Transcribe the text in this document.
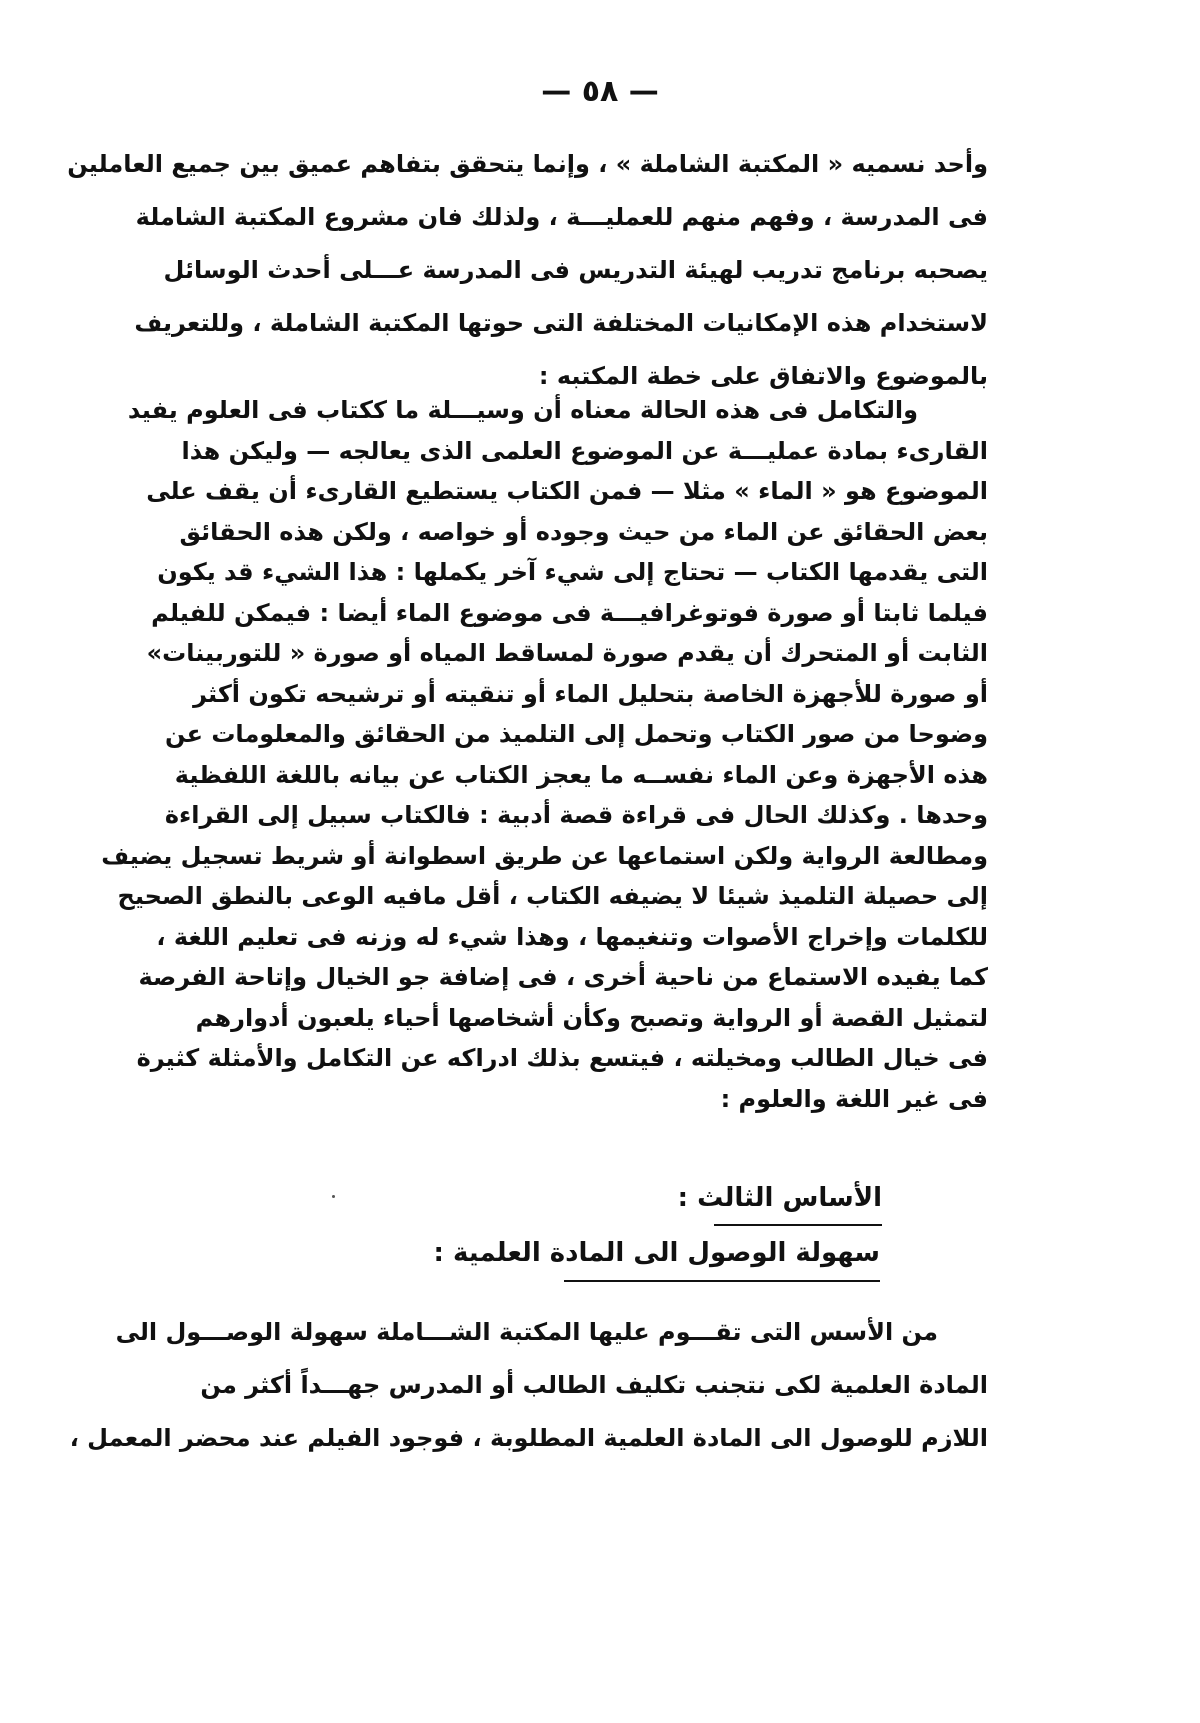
— ٥٨ —
وأحد نسميه « المكتبة الشاملة » ، وإنما يتحقق بتفاهم عميق بين جميع العاملين
فى المدرسة ، وفهم منهم للعمليـــة ، ولذلك فان مشروع المكتبة الشاملة
يصحبه برنامج تدريب لهيئة التدريس فى المدرسة عـــلى أحدث الوسائل
لاستخدام هذه الإمكانيات المختلفة التى حوتها المكتبة الشاملة ، وللتعريف
بالموضوع والاتفاق على خطة المكتبه :
والتكامل فى هذه الحالة معناه أن وسيـــلة ما ككتاب فى العلوم يفيد
القارىء بمادة عمليـــة عن الموضوع العلمى الذى يعالجه — وليكن هذا
الموضوع هو « الماء » مثلا — فمن الكتاب يستطيع القارىء أن يقف على
بعض الحقائق عن الماء من حيث وجوده أو خواصه ، ولكن هذه الحقائق
التى يقدمها الكتاب — تحتاج إلى شيء آخر يكملها : هذا الشيء قد يكون
فيلما ثابتا أو صورة فوتوغرافيـــة فى موضوع الماء أيضا : فيمكن للفيلم
الثابت أو المتحرك أن يقدم صورة لمساقط المياه أو صورة « للتوربينات»
أو صورة للأجهزة الخاصة بتحليل الماء أو تنقيته أو ترشيحه تكون أكثر
وضوحا من صور الكتاب وتحمل إلى التلميذ من الحقائق والمعلومات عن
هذه الأجهزة وعن الماء نفســه ما يعجز الكتاب عن بيانه باللغة اللفظية
وحدها . وكذلك الحال فى قراءة قصة أدبية : فالكتاب سبيل إلى القراءة
ومطالعة الرواية ولكن استماعها عن طريق اسطوانة أو شريط تسجيل يضيف
إلى حصيلة التلميذ شيئا لا يضيفه الكتاب ، أقل مافيه الوعى بالنطق الصحيح
للكلمات وإخراج الأصوات وتنغيمها ، وهذا شيء له وزنه فى تعليم اللغة ،
كما يفيده الاستماع من ناحية أخرى ، فى إضافة جو الخيال وإتاحة الفرصة
لتمثيل القصة أو الرواية وتصبح وكأن أشخاصها أحياء يلعبون أدوارهم
فى خيال الطالب ومخيلته ، فيتسع بذلك ادراكه عن التكامل والأمثلة كثيرة
فى غير اللغة والعلوم :
الأساس الثالث :
سهولة الوصول الى المادة العلمية :
من الأسس التى تقـــوم عليها المكتبة الشـــاملة سهولة الوصـــول الى
المادة العلمية لكى نتجنب تكليف الطالب أو المدرس جهـــداً أكثر من
اللازم للوصول الى المادة العلمية المطلوبة ، فوجود الفيلم عند محضر المعمل ،
